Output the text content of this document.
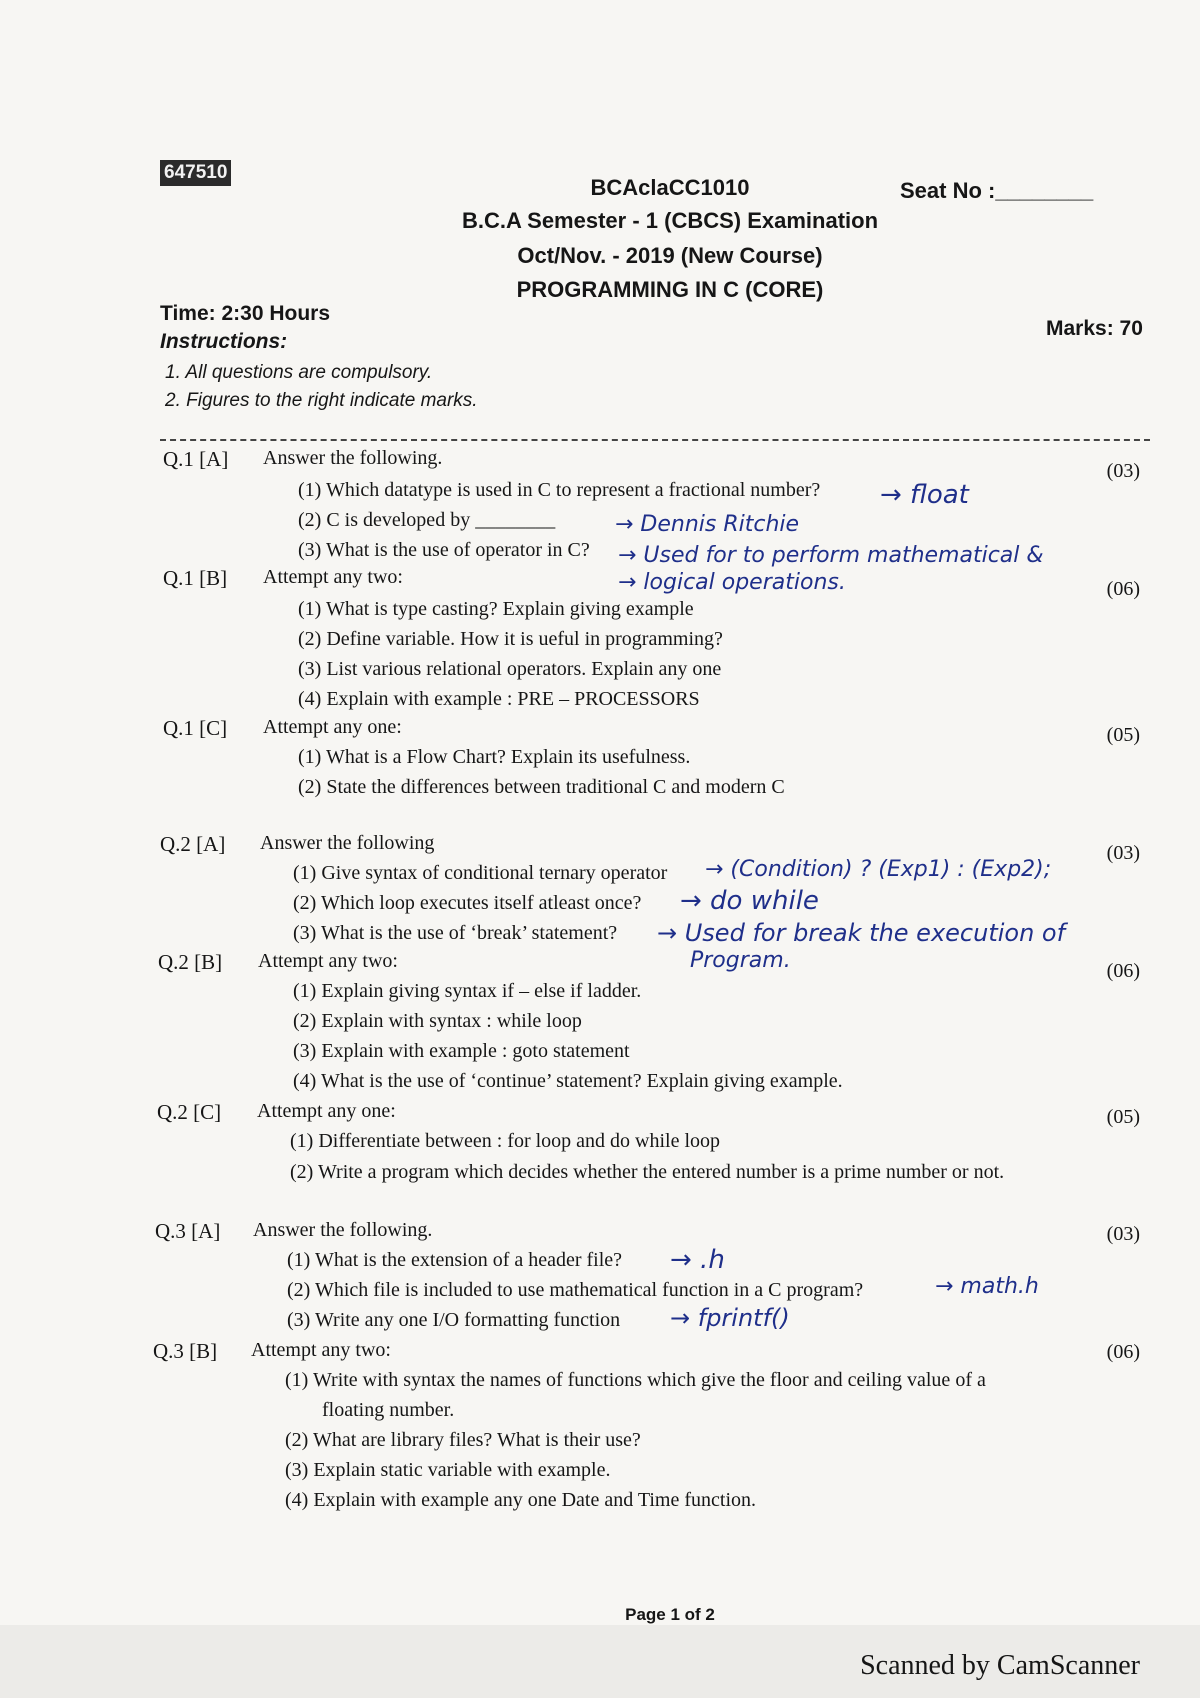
647510
BCAclaCC1010	Seat No :________
B.C.A Semester - 1 (CBCS) Examination
Oct/Nov. - 2019 (New Course)
PROGRAMMING IN C (CORE)
Time: 2:30 Hours
Marks: 70
Instructions:
1. All questions are compulsory.
2. Figures to the right indicate marks.
Q.1 [A] Answer the following.
(03)
(1) Which datatype is used in C to represent a fractional number?
(2) C is developed by ________
(3) What is the use of operator in C?
→ float
→ Dennis Ritchie
→ Used for to perform mathematical &
→ logical operations.
Q.1 [B] Attempt any two:
(06)
(1) What is type casting? Explain giving example
(2) Define variable. How it is ueful in programming?
(3) List various relational operators. Explain any one
(4) Explain with example : PRE – PROCESSORS
Q.1 [C] Attempt any one:	(05)
(1) What is a Flow Chart? Explain its usefulness.
(2) State the differences between traditional C and modern C
Q.2 [A] Answer the following	(03)
(1) Give syntax of conditional ternary operator
(2) Which loop executes itself atleast once?
(3) What is the use of ‘break’ statement?
→ (Condition) ? (Exp1) : (Exp2);
→ do while
→ Used for break the execution of
Program.
Q.2 [B] Attempt any two:	(06)
(1) Explain giving syntax if – else if ladder.
(2) Explain with syntax : while loop
(3) Explain with example : goto statement
(4) What is the use of ‘continue’ statement? Explain giving example.
Q.2 [C] Attempt any one:	(05)
(1) Differentiate between : for loop and do while loop
(2) Write a program which decides whether the entered number is a prime number or not.
Q.3 [A] Answer the following.	(03)
(1) What is the extension of a header file?
(2) Which file is included to use mathematical function in a C program?
(3) Write any one I/O formatting function
→ .h
→ math.h
→ fprintf()
Q.3 [B] Attempt any two:	(06)
(1) Write with syntax the names of functions which give the floor and ceiling value of a
floating number.
(2) What are library files? What is their use?
(3) Explain static variable with example.
(4) Explain with example any one Date and Time function.
Page 1 of 2
Scanned by CamScanner
